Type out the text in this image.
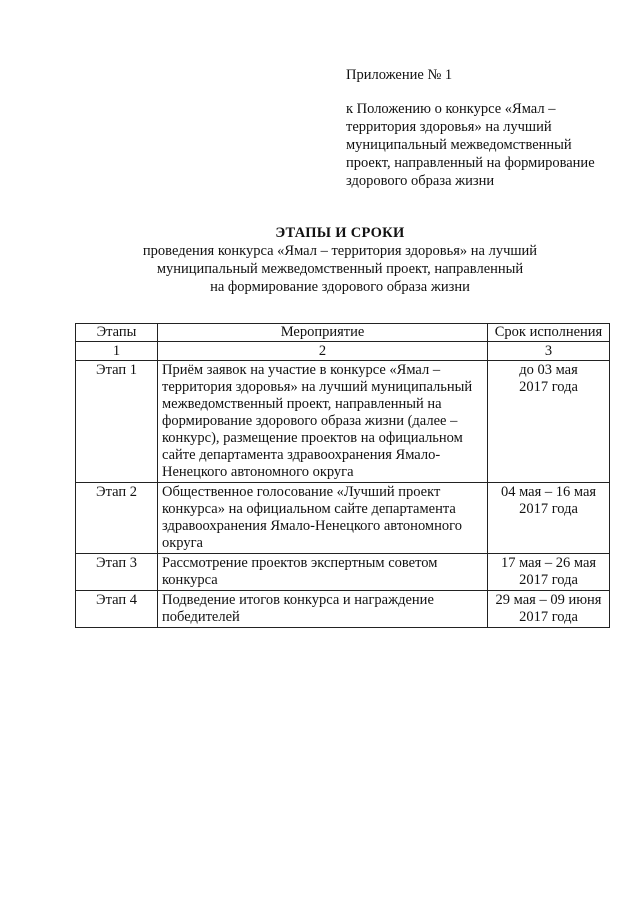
Приложение № 1

к Положению о конкурсе «Ямал – территория здоровья» на лучший муниципальный межведомственный проект, направленный на формирование здорового образа жизни

ЭТАПЫ И СРОКИ
проведения конкурса «Ямал – территория здоровья» на лучший
муниципальный межведомственный проект, направленный
на формирование здорового образа жизни
Этапы	Мероприятие	Срок исполнения
1	2	3
Этап 1	Приём заявок на участие в конкурсе «Ямал – территория здоровья» на лучший муниципальный межведомственный проект, направленный на формирование здорового образа жизни (далее – конкурс), размещение проектов на официальном сайте департамента здравоохранения Ямало-Ненецкого автономного округа	до 03 мая
2017 года

Этап 2	Общественное голосование «Лучший проект конкурса» на официальном сайте департамента здравоохранения Ямало-Ненецкого автономного округа	04 мая – 16 мая
2017 года

Этап 3	Рассмотрение проектов экспертным советом конкурса	17 мая – 26 мая
2017 года

Этап 4	Подведение итогов конкурса и награждение победителей	29 мая – 09 июня
2017 года
